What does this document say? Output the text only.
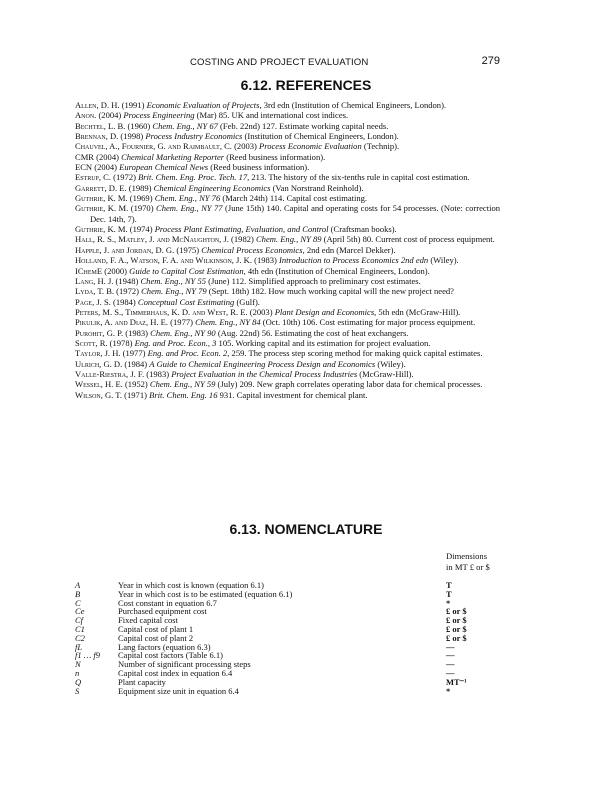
COSTING AND PROJECT EVALUATION	279
6.12. REFERENCES
Allen, D. H. (1991) Economic Evaluation of Projects, 3rd edn (Institution of Chemical Engineers, London).
Anon. (2004) Process Engineering (Mar) 85. UK and international cost indices.
Bechtel, L. B. (1960) Chem. Eng., NY 67 (Feb. 22nd) 127. Estimate working capital needs.
Brennan, D. (1998) Process Industry Economics (Institution of Chemical Engineers, London).
Chauvel, A., Fournier, G. and Raimbault, C. (2003) Process Economic Evaluation (Technip).
CMR (2004) Chemical Marketing Reporter (Reed business information).
ECN (2004) European Chemical News (Reed business information).
Estrup, C. (1972) Brit. Chem. Eng. Proc. Tech. 17, 213. The history of the six-tenths rule in capital cost estimation.
Garrett, D. E. (1989) Chemical Engineering Economics (Van Norstrand Reinhold).
Guthrie, K. M. (1969) Chem. Eng., NY 76 (March 24th) 114. Capital cost estimating.
Guthrie, K. M. (1970) Chem. Eng., NY 77 (June 15th) 140. Capital and operating costs for 54 processes. (Note: correction Dec. 14th, 7).
Guthrie, K. M. (1974) Process Plant Estimating, Evaluation, and Control (Craftsman books).
Hall, R. S., Matley, J. and McNaughton, J. (1982) Chem. Eng., NY 89 (April 5th) 80. Current cost of process equipment.
Happle, J. and Jordan, D. G. (1975) Chemical Process Economics, 2nd edn (Marcel Dekker).
Holland, F. A., Watson, F. A. and Wilkinson, J. K. (1983) Introduction to Process Economics 2nd edn (Wiley).
IChemE (2000) Guide to Capital Cost Estimation, 4th edn (Institution of Chemical Engineers, London).
Lang, H. J. (1948) Chem. Eng., NY 55 (June) 112. Simplified approach to preliminary cost estimates.
Lyda, T. B. (1972) Chem. Eng., NY 79 (Sept. 18th) 182. How much working capital will the new project need?
Page, J. S. (1984) Conceptual Cost Estimating (Gulf).
Peters, M. S., Timmerhaus, K. D. and West, R. E. (2003) Plant Design and Economics, 5th edn (McGraw-Hill).
Pikulik, A. and Diaz, H. E. (1977) Chem. Eng., NY 84 (Oct. 10th) 106. Cost estimating for major process equipment.
Purohit, G. P. (1983) Chem. Eng., NY 90 (Aug. 22nd) 56. Estimating the cost of heat exchangers.
Scott, R. (1978) Eng. and Proc. Econ., 3 105. Working capital and its estimation for project evaluation.
Taylor, J. H. (1977) Eng. and Proc. Econ. 2, 259. The process step scoring method for making quick capital estimates.
Ulrich, G. D. (1984) A Guide to Chemical Engineering Process Design and Economics (Wiley).
Valle-Riestra, J. F. (1983) Project Evaluation in the Chemical Process Industries (McGraw-Hill).
Wessel, H. E. (1952) Chem. Eng., NY 59 (July) 209. New graph correlates operating labor data for chemical processes.
Wilson, G. T. (1971) Brit. Chem. Eng. 16 931. Capital investment for chemical plant.
6.13. NOMENCLATURE
Dimensions
in MT £ or $
A	Year in which cost is known (equation 6.1)	T
B	Year in which cost is to be estimated (equation 6.1)	T
C	Cost constant in equation 6.7	*
Ce	Purchased equipment cost	£ or $
Cf	Fixed capital cost	£ or $
C1	Capital cost of plant 1	£ or $
C2	Capital cost of plant 2	£ or $
fL	Lang factors (equation 6.3)	—
f1 … f9	Capital cost factors (Table 6.1)	—
N	Number of significant processing steps	—
n	Capital cost index in equation 6.4	—
Q	Plant capacity	MT⁻¹
S	Equipment size unit in equation 6.4	*
